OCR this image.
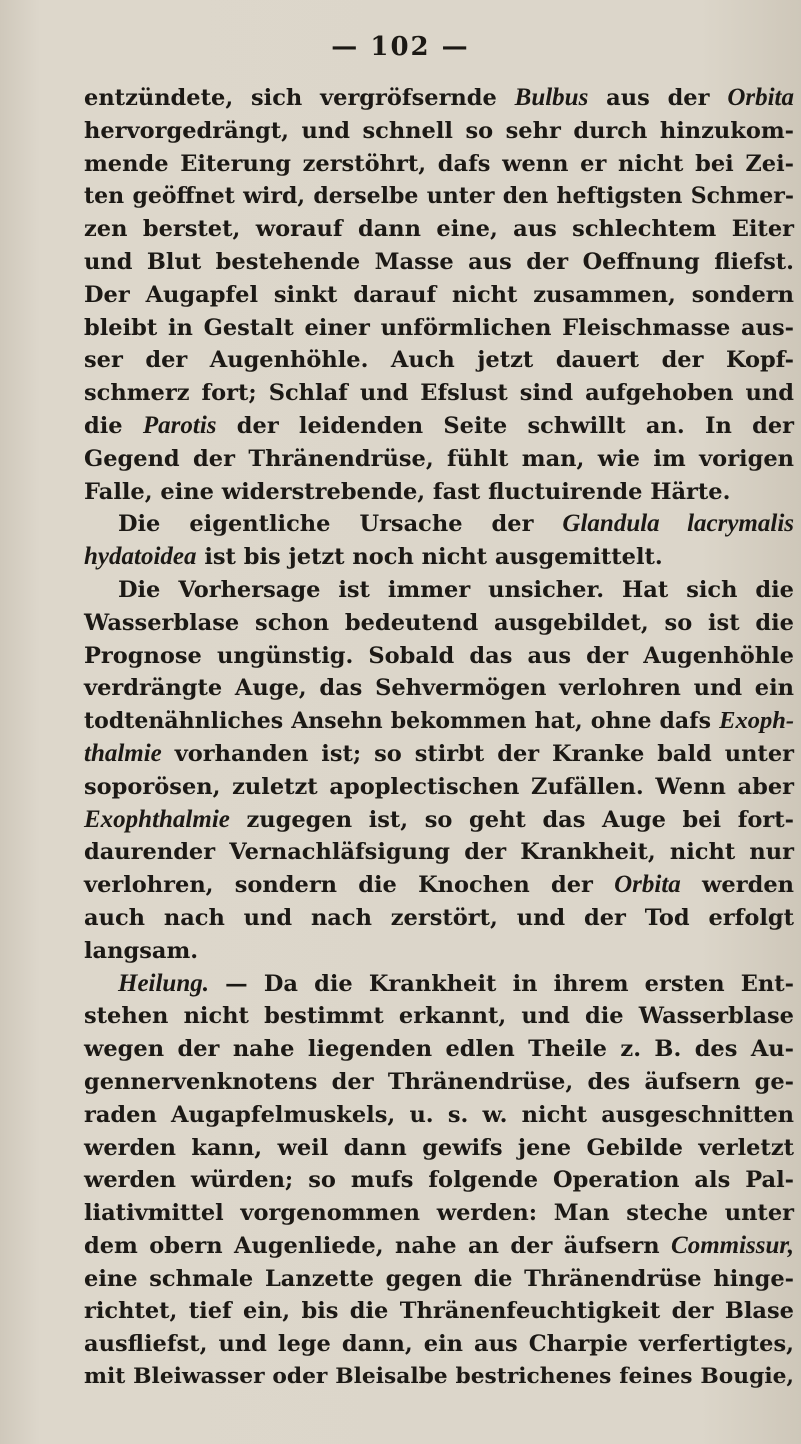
— 102 —
entzündete, sich vergröfsernde Bulbus aus der Orbita
hervorgedrängt, und schnell so sehr durch hinzukom-
mende Eiterung zerstöhrt, dafs wenn er nicht bei Zei-
ten geöffnet wird, derselbe unter den heftigsten Schmer-
zen berstet, worauf dann eine, aus schlechtem Eiter
und Blut bestehende Masse aus der Oeffnung fliefst.
Der Augapfel sinkt darauf nicht zusammen, sondern
bleibt in Gestalt einer unförmlichen Fleischmasse aus-
ser der Augenhöhle. Auch jetzt dauert der Kopf-
schmerz fort; Schlaf und Efslust sind aufgehoben und
die Parotis der leidenden Seite schwillt an. In der
Gegend der Thränendrüse, fühlt man, wie im vorigen
Falle, eine widerstrebende, fast fluctuirende Härte.
Die eigentliche Ursache der Glandula lacrymalis
hydatoidea ist bis jetzt noch nicht ausgemittelt.
Die Vorhersage ist immer unsicher. Hat sich die
Wasserblase schon bedeutend ausgebildet, so ist die
Prognose ungünstig. Sobald das aus der Augenhöhle
verdrängte Auge, das Sehvermögen verlohren und ein
todtenähnliches Ansehn bekommen hat, ohne dafs Exoph-
thalmie vorhanden ist; so stirbt der Kranke bald unter
soporösen, zuletzt apoplectischen Zufällen. Wenn aber
Exophthalmie zugegen ist, so geht das Auge bei fort-
daurender Vernachläfsigung der Krankheit, nicht nur
verlohren, sondern die Knochen der Orbita werden
auch nach und nach zerstört, und der Tod erfolgt
langsam.
Heilung. — Da die Krankheit in ihrem ersten Ent-
stehen nicht bestimmt erkannt, und die Wasserblase
wegen der nahe liegenden edlen Theile z. B. des Au-
gennervenknotens der Thränendrüse, des äufsern ge-
raden Augapfelmuskels, u. s. w. nicht ausgeschnitten
werden kann, weil dann gewifs jene Gebilde verletzt
werden würden; so mufs folgende Operation als Pal-
liativmittel vorgenommen werden: Man steche unter
dem obern Augenliede, nahe an der äufsern Commissur,
eine schmale Lanzette gegen die Thränendrüse hinge-
richtet, tief ein, bis die Thränenfeuchtigkeit der Blase
ausfliefst, und lege dann, ein aus Charpie verfertigtes,
mit Bleiwasser oder Bleisalbe bestrichenes feines Bougie,
